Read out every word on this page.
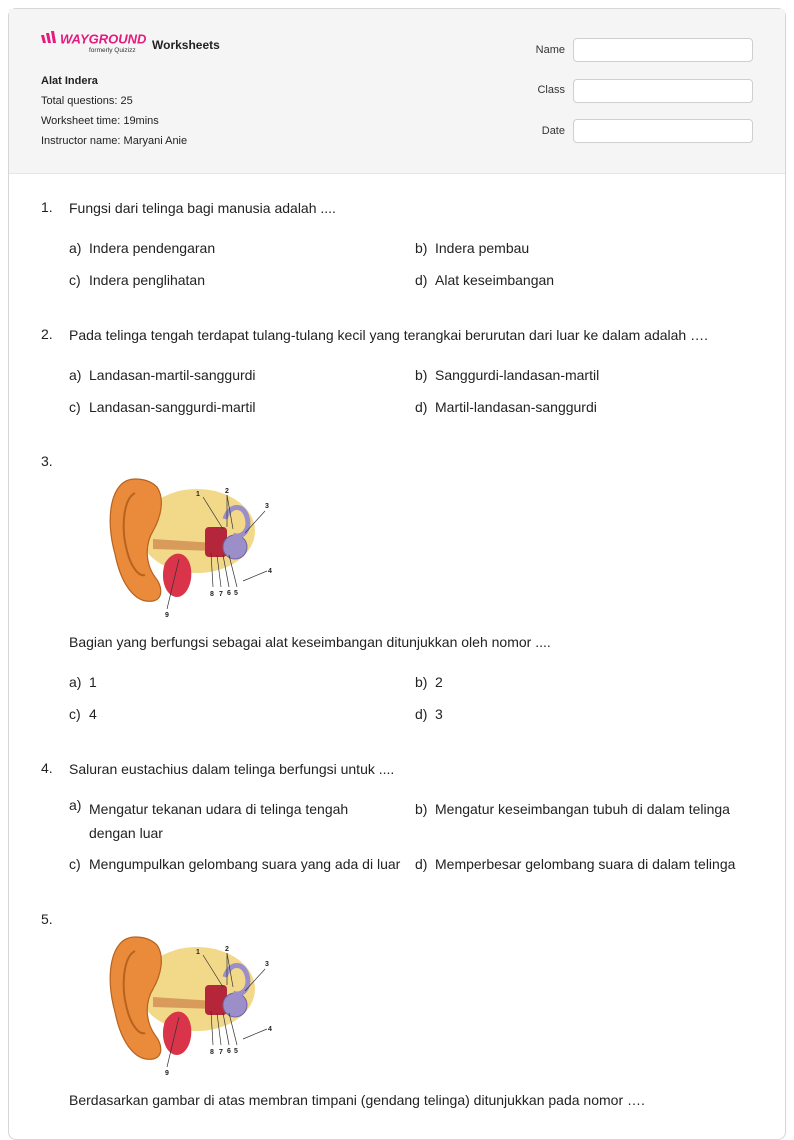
WAYGROUND
formerly Quizizz Worksheets
Alat Indera
Total questions: 25
Worksheet time: 19mins
Instructor name: Maryani Anie
Name
Class
Date
1.	Fungsi dari telinga bagi manusia adalah ....
a) Indera pendengaran	b) Indera pembau
c) Indera penglihatan	d) Alat keseimbangan
2.	Pada telinga tengah terdapat tulang-tulang kecil yang terangkai berurutan dari luar ke dalam adalah ….
a) Landasan-martil-sanggurdi	b) Sanggurdi-landasan-martil
c) Landasan-sanggurdi-martil	d) Martil-landasan-sanggurdi
3.
1	2
3
4
5
6
7
8
9
Bagian yang berfungsi sebagai alat keseimbangan ditunjukkan oleh nomor ....
a) 1	b) 2
c) 4	d) 3
4.	Saluran eustachius dalam telinga berfungsi untuk ....
a) Mengatur tekanan udara di telinga tengah dengan luar
b) Mengatur keseimbangan tubuh di dalam telinga
c) Mengumpulkan gelombang suara yang ada di luar d) Memperbesar gelombang suara di dalam telinga
5.
1	2
3
4
5
6
7
8
9
Berdasarkan gambar di atas membran timpani (gendang telinga) ditunjukkan pada nomor ….
